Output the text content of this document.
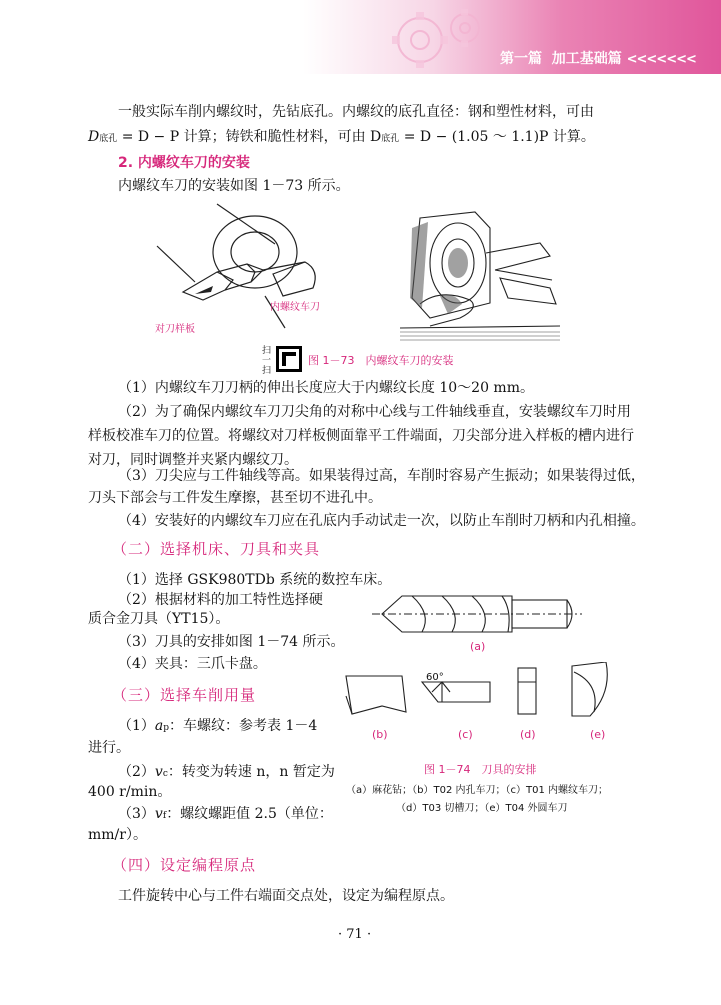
第一篇 加工基础篇 <<<<<<<
一般实际车削内螺纹时，先钻底孔。内螺纹的底孔直径：钢和塑性材料，可由
D底孔 = D − P 计算；铸铁和脆性材料，可由 D底孔 = D − (1.05 ～ 1.1)P 计算。
2. 内螺纹车刀的安装
内螺纹车刀的安装如图 1－73 所示。
对刀样板
内螺纹车刀
扫一扫
图 1－73　内螺纹车刀的安装
（1）内螺纹车刀刀柄的伸出长度应大于内螺纹长度 10～20 mm。
（2）为了确保内螺纹车刀刀尖角的对称中心线与工件轴线垂直，安装螺纹车刀时用
样板校准车刀的位置。将螺纹对刀样板侧面靠平工件端面，刀尖部分进入样板的槽内进行
对刀，同时调整并夹紧内螺纹刀。
（3）刀尖应与工件轴线等高。如果装得过高，车削时容易产生振动；如果装得过低，
刀头下部会与工件发生摩擦，甚至切不进孔中。
（4）安装好的内螺纹车刀应在孔底内手动试走一次，以防止车削时刀柄和内孔相撞。
（二）选择机床、刀具和夹具
（1）选择 GSK980TDb 系统的数控车床。
（2）根据材料的加工特性选择硬
质合金刀具（YT15）。
（3）刀具的安排如图 1－74 所示。
（4）夹具：三爪卡盘。
（三）选择车削用量
（1）ap：车螺纹：参考表 1－4
进行。
（2）vc：转变为转速 n，n 暂定为
400 r/min。
（3）vf：螺纹螺距值 2.5（单位：
mm/r）。
（四）设定编程原点
工件旋转中心与工件右端面交点处，设定为编程原点。
(a)
60°
(b)	(c)	(d)	(e)
图 1－74　刀具的安排
（a）麻花钻；（b）T02 内孔车刀；（c）T01 内螺纹车刀；
（d）T03 切槽刀；（e）T04 外圆车刀
· 71 ·
